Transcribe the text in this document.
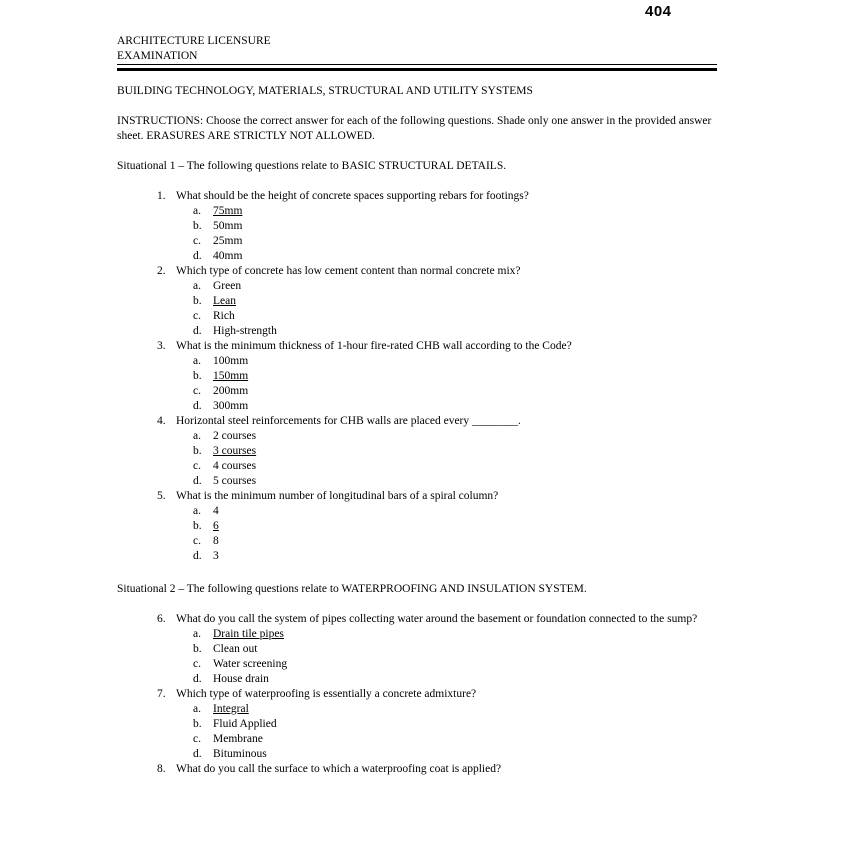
404
ARCHITECTURE LICENSURE
EXAMINATION
BUILDING TECHNOLOGY, MATERIALS, STRUCTURAL AND UTILITY SYSTEMS
INSTRUCTIONS: Choose the correct answer for each of the following questions. Shade only one answer in the provided answer sheet. ERASURES ARE STRICTLY NOT ALLOWED.
Situational 1 – The following questions relate to BASIC STRUCTURAL DETAILS.
1. What should be the height of concrete spaces supporting rebars for footings?
a.	75mm
b. 50mm
c.	25mm
d. 40mm
2. Which type of concrete has low cement content than normal concrete mix?
a.	Green
b. Lean
c.	Rich
d. High-strength
3. What is the minimum thickness of 1-hour fire-rated CHB wall according to the Code?
a.	100mm
b. 150mm
c.	200mm
d. 300mm
4. Horizontal steel reinforcements for CHB walls are placed every ________.
a.	2 courses
b. 3 courses
c.	4 courses
d. 5 courses
5. What is the minimum number of longitudinal bars of a spiral column?
a.	4
b. 6
c.	8
d. 3
Situational 2 – The following questions relate to WATERPROOFING AND INSULATION SYSTEM.
6. What do you call the system of pipes collecting water around the basement or foundation connected to the sump?
a.	Drain tile pipes
b. Clean out
c.	Water screening
d. House drain
7. Which type of waterproofing is essentially a concrete admixture?
a.	Integral
b. Fluid Applied
c.	Membrane
d. Bituminous
8. What do you call the surface to which a waterproofing coat is applied?
